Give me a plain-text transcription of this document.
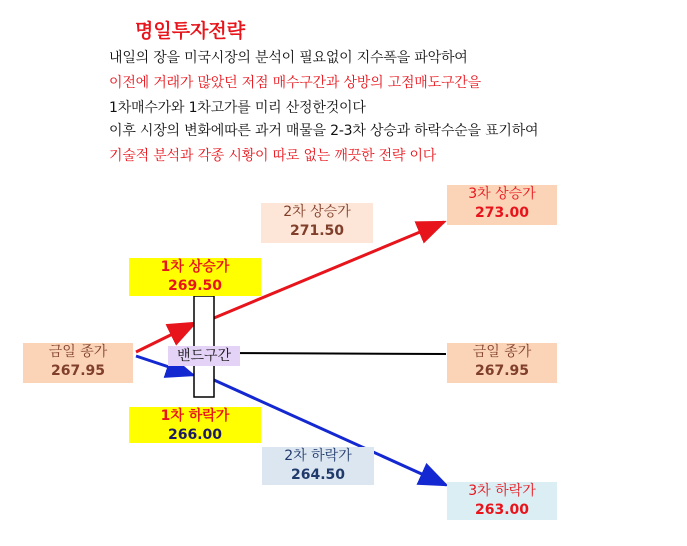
명일투자전략
내일의 장을 미국시장의 분석이 필요없이 지수폭을 파악하여
이전에 거래가 많았던 저점 매수구간과 상방의 고점매도구간을
1차매수가와 1차고가를 미리 산정한것이다
이후 시장의 변화에따른 과거 매물을 2-3차 상승과 하락수순을 표기하여
기술적 분석과 각종 시황이 따로 없는 깨끗한 전략 이다
밴드구간
금일 종가
267.95
1차 상승가
269.50
2차 상승가
271.50
3차 상승가
273.00
금일 종가
267.95
1차 하락가
266.00
2차 하락가
264.50
3차 하락가
263.00
